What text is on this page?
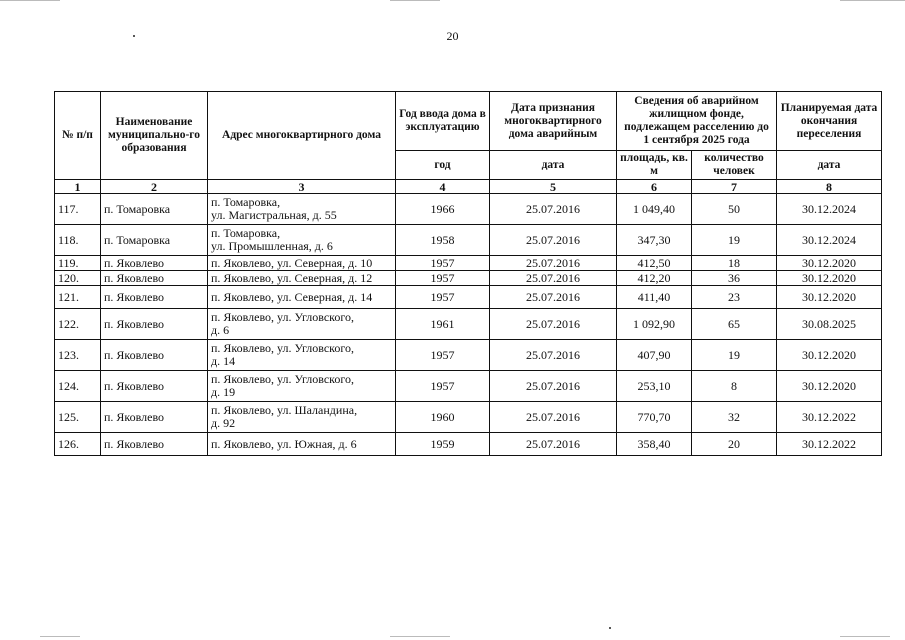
20
№ п/п	Наименование муниципально-го образования	Адрес многоквартирного дома	Год ввода дома в эксплуатацию	Дата признания многоквартирного дома аварийным	Сведения об аварийном жилищном фонде, подлежащем расселению до 1 сентября 2025 года		Планируемая дата окончания переселения
			год	дата	площадь, кв. м	количество человек	дата
1	2	3	4	5	6	7	8
117.	п. Томаровка	п. Томаровка,
ул. Магистральная, д. 55	1966	25.07.2016	1 049,40	50	30.12.2024
118.	п. Томаровка	п. Томаровка,
ул. Промышленная, д. 6	1958	25.07.2016	347,30	19	30.12.2024
119.	п. Яковлево	п. Яковлево, ул. Северная, д. 10	1957	25.07.2016	412,50	18	30.12.2020
120.	п. Яковлево	п. Яковлево, ул. Северная, д. 12	1957	25.07.2016	412,20	36	30.12.2020
121.	п. Яковлево	п. Яковлево, ул. Северная, д. 14	1957	25.07.2016	411,40	23	30.12.2020
122.	п. Яковлево	п. Яковлево, ул. Угловского,
д. 6	1961	25.07.2016	1 092,90	65	30.08.2025
123.	п. Яковлево	п. Яковлево, ул. Угловского,
д. 14	1957	25.07.2016	407,90	19	30.12.2020
124.	п. Яковлево	п. Яковлево, ул. Угловского,
д. 19	1957	25.07.2016	253,10	8	30.12.2020
125.	п. Яковлево	п. Яковлево, ул. Шаландина,
д. 92	1960	25.07.2016	770,70	32	30.12.2022
126.	п. Яковлево	п. Яковлево, ул. Южная, д. 6	1959	25.07.2016	358,40	20	30.12.2022
